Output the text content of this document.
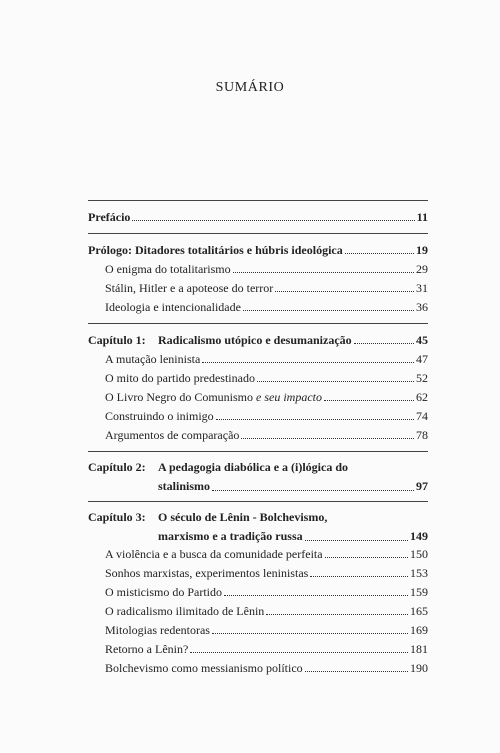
SUMÁRIO
Prefácio	11
Prólogo: Ditadores totalitários e húbris ideológica	19
O enigma do totalitarismo	29
Stálin, Hitler e a apoteose do terror	31
Ideologia e intencionalidade	36
Capítulo 1: Radicalismo utópico e desumanização	45
A mutação leninista	47
O mito do partido predestinado	52
O Livro Negro do Comunismo e seu impacto	62
Construindo o inimigo	74
Argumentos de comparação	78
Capítulo 2:	A pedagogia diabólica e a (i)lógica do
stalinismo	97
Capítulo 3:	O século de Lênin - Bolchevismo,
marxismo e a tradição russa	149
A violência e a busca da comunidade perfeita	150
Sonhos marxistas, experimentos leninistas	153
O misticismo do Partido	159
O radicalismo ilimitado de Lênin	165
Mitologias redentoras	169
Retorno a Lênin?	181
Bolchevismo como messianismo político	190
